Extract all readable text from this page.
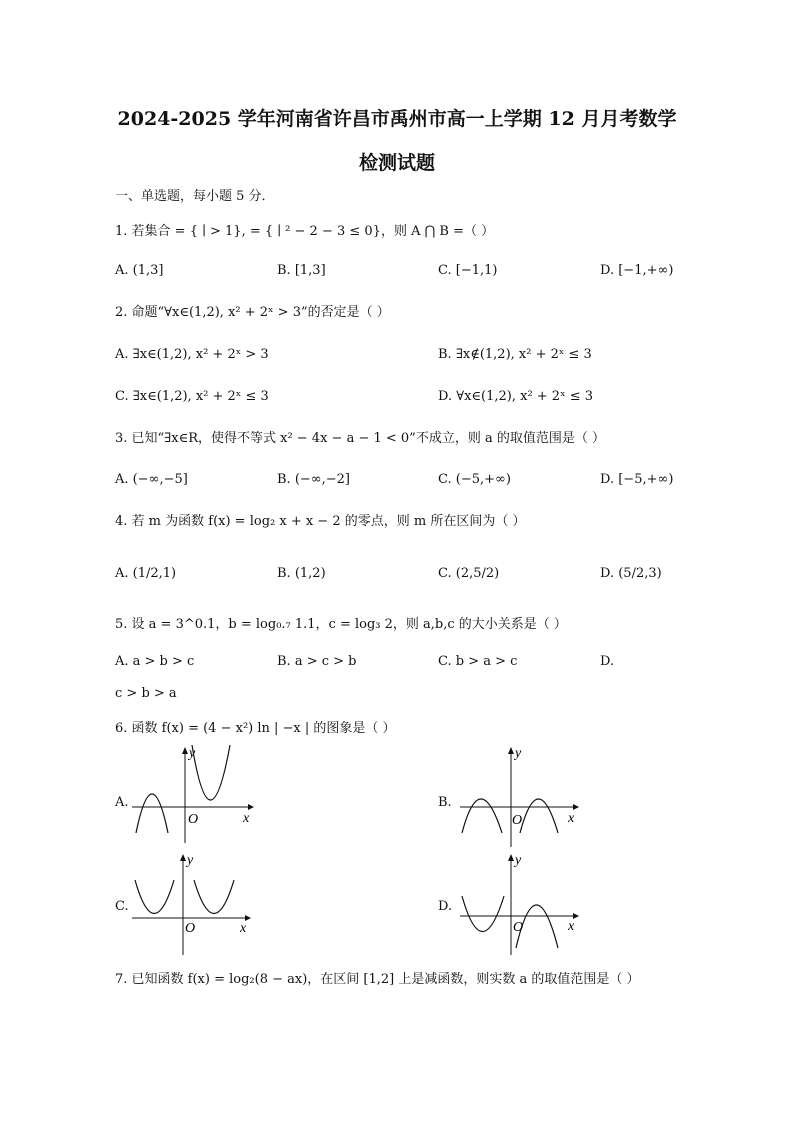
2024-2025 学年河南省许昌市禹州市高一上学期 12 月月考数学
检测试题
一、单选题，每小题 5 分．
1. 若集合 = { ∣ > 1}, = { ∣ ² − 2 − 3 ≤ 0}，则 A ⋂ B =（ ）
A. (1,3]	B. [1,3]	C. [−1,1)	D. [−1,+∞)
2. 命题“∀x∈(1,2), x² + 2ˣ > 3”的否定是（ ）
A. ∃x∈(1,2), x² + 2ˣ > 3	B. ∃x∉(1,2), x² + 2ˣ ≤ 3
C. ∃x∈(1,2), x² + 2ˣ ≤ 3	D. ∀x∈(1,2), x² + 2ˣ ≤ 3
3. 已知“∃x∈R，使得不等式 x² − 4x − a − 1 < 0”不成立，则 a 的取值范围是（ ）
A. (−∞,−5]	B. (−∞,−2]	C. (−5,+∞)	D. [−5,+∞)
4. 若 m 为函数 f(x) = log₂ x + x − 2 的零点，则 m 所在区间为（ ）
A. (1/2,1)	B. (1,2)	C. (2,5/2)	D. (5/2,3)
5. 设 a = 3^0.1，b = log₀.₇ 1.1，c = log₃ 2，则 a,b,c 的大小关系是（ ）
A. a > b > c	B. a > c > b	C. b > a > c	D.
c > b > a
6. 函数 f(x) = (4 − x²) ln | −x | 的图象是（ ）
A.	B.
C.	D.
y
x
O
y
x
O
y
x
O
y
x
O
7. 已知函数 f(x) = log₂(8 − ax)，在区间 [1,2] 上是减函数，则实数 a 的取值范围是（ ）
